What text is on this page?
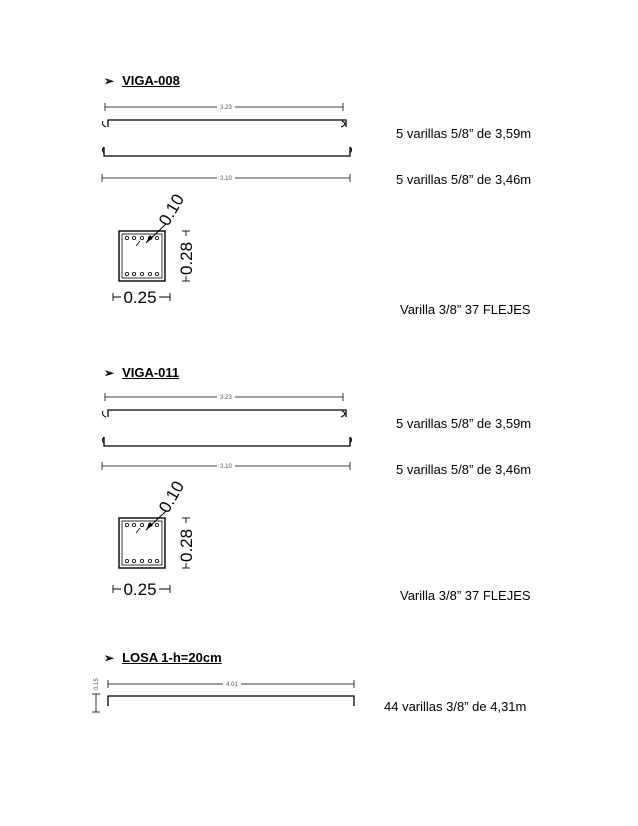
➢ VIGA-008
5 varillas 5/8” de 3,59m
5 varillas 5/8” de 3,46m
Varilla 3/8” 37 FLEJES
3.23
3.10
0.10
0.28
0.25
➢ VIGA-011
5 varillas 5/8” de 3,59m
5 varillas 5/8” de 3,46m
Varilla 3/8” 37 FLEJES
3.23
3.10
0.10
0.28
0.25
➢ LOSA 1-h=20cm
44 varillas 3/8” de 4,31m
0.15	4.01
